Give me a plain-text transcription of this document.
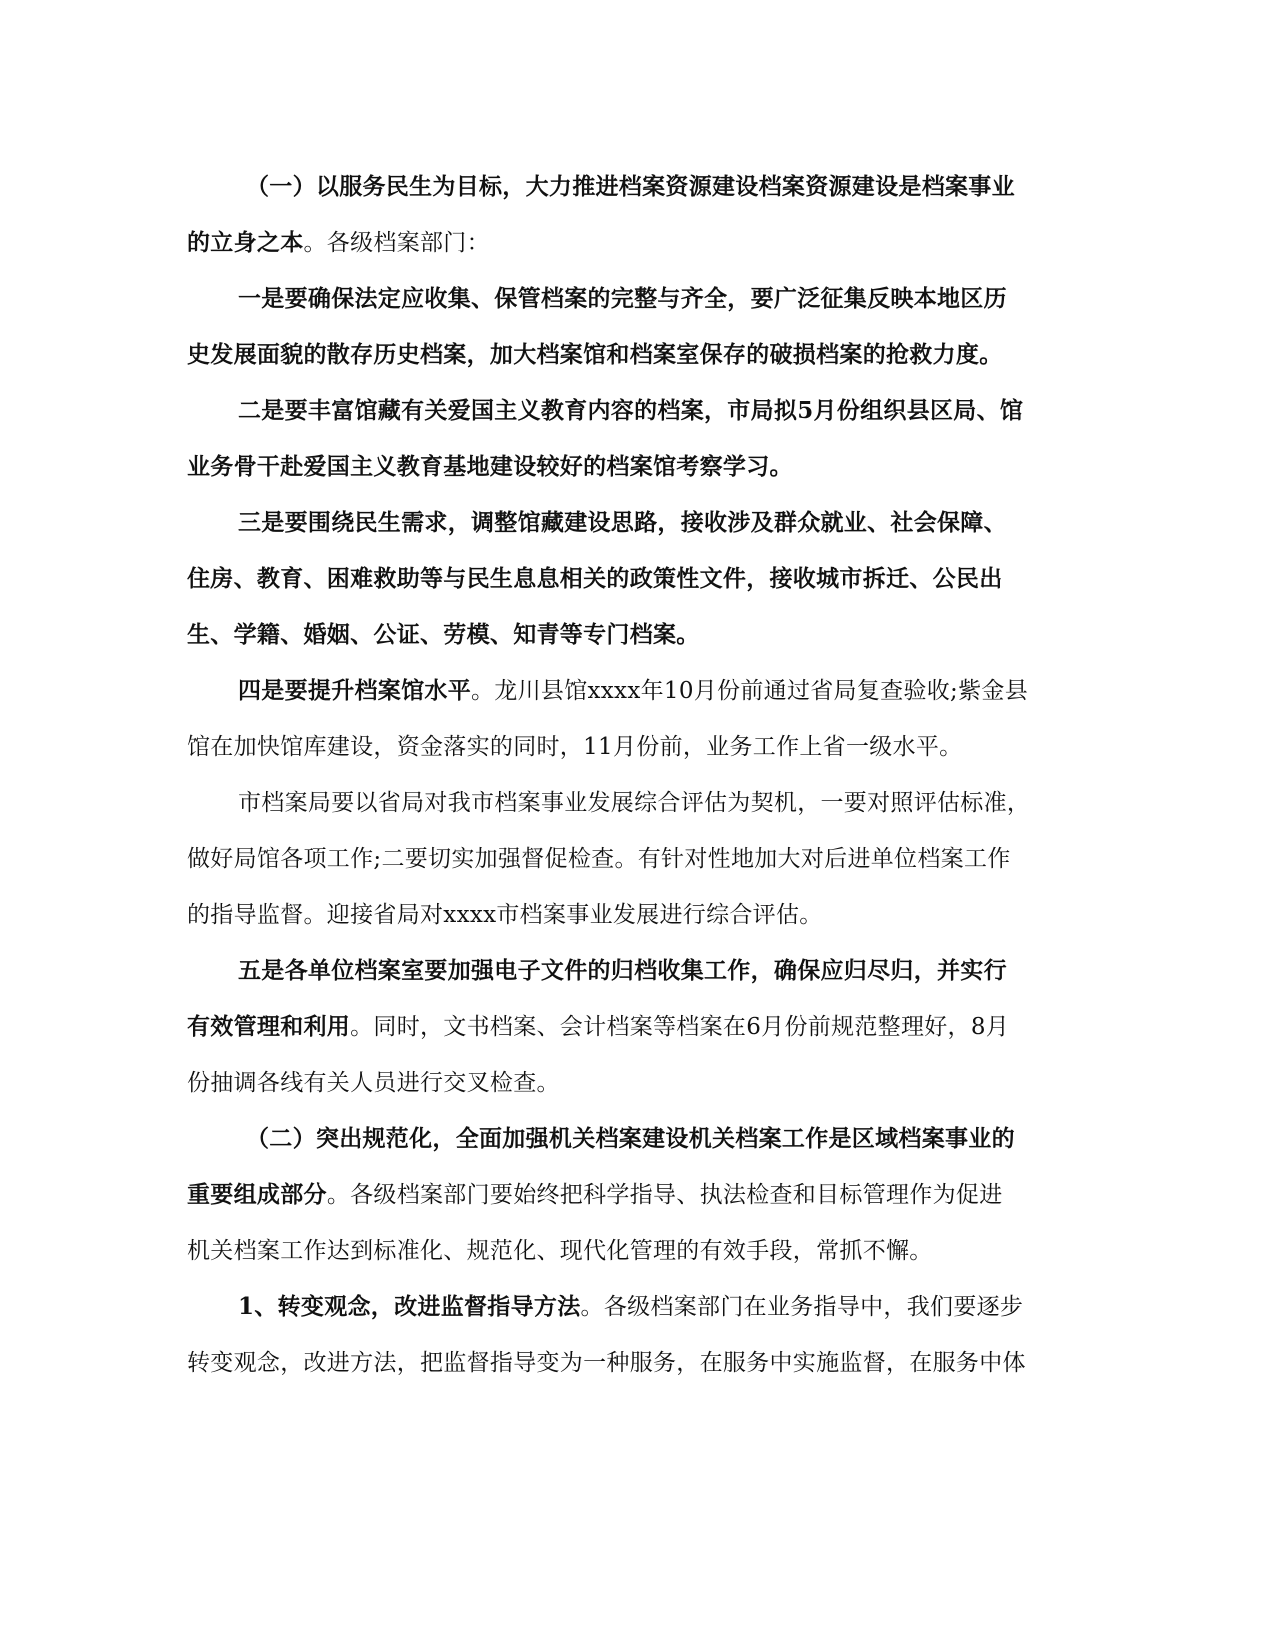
（一）以服务民生为目标，大力推进档案资源建设档案资源建设是档案事业
的立身之本。各级档案部门：
一是要确保法定应收集、保管档案的完整与齐全，要广泛征集反映本地区历
史发展面貌的散存历史档案，加大档案馆和档案室保存的破损档案的抢救力度。
二是要丰富馆藏有关爱国主义教育内容的档案，市局拟5月份组织县区局、馆
业务骨干赴爱国主义教育基地建设较好的档案馆考察学习。
三是要围绕民生需求，调整馆藏建设思路，接收涉及群众就业、社会保障、
住房、教育、困难救助等与民生息息相关的政策性文件，接收城市拆迁、公民出
生、学籍、婚姻、公证、劳模、知青等专门档案。
四是要提升档案馆水平。龙川县馆xxxx年10月份前通过省局复查验收;紫金县
馆在加快馆库建设，资金落实的同时，11月份前，业务工作上省一级水平。
市档案局要以省局对我市档案事业发展综合评估为契机，一要对照评估标准，
做好局馆各项工作;二要切实加强督促检查。有针对性地加大对后进单位档案工作
的指导监督。迎接省局对xxxx市档案事业发展进行综合评估。
五是各单位档案室要加强电子文件的归档收集工作，确保应归尽归，并实行
有效管理和利用。同时，文书档案、会计档案等档案在6月份前规范整理好，8月
份抽调各线有关人员进行交叉检查。
（二）突出规范化，全面加强机关档案建设机关档案工作是区域档案事业的
重要组成部分。各级档案部门要始终把科学指导、执法检查和目标管理作为促进
机关档案工作达到标准化、规范化、现代化管理的有效手段，常抓不懈。
1、转变观念，改进监督指导方法。各级档案部门在业务指导中，我们要逐步
转变观念，改进方法，把监督指导变为一种服务，在服务中实施监督，在服务中体
